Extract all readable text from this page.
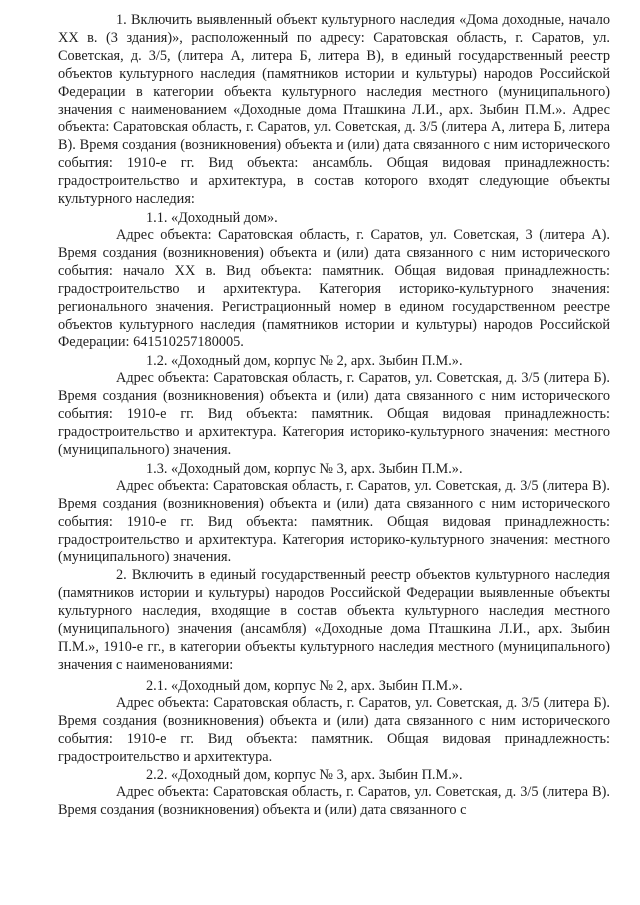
1. Включить выявленный объект культурного наследия «Дома доходные, начало XX в. (3 здания)», расположенный по адресу: Саратовская область, г. Саратов, ул. Советская, д. 3/5, (литера А, литера Б, литера В), в единый государственный реестр объектов культурного наследия (памятников истории и культуры) народов Российской Федерации в категории объекта культурного наследия местного (муниципального) значения с наименованием «Доходные дома Пташкина Л.И., арх. Зыбин П.М.». Адрес объекта: Саратовская область, г. Саратов, ул. Советская, д. 3/5 (литера А, литера Б, литера В). Время создания (возникновения) объекта и (или) дата связанного с ним исторического события: 1910-е гг. Вид объекта: ансамбль. Общая видовая принадлежность: градостроительство и архитектура, в состав которого входят следующие объекты культурного наследия:

1.1. «Доходный дом».

Адрес объекта: Саратовская область, г. Саратов, ул. Советская, 3 (литера А). Время создания (возникновения) объекта и (или) дата связанного с ним исторического события: начало XX в. Вид объекта: памятник. Общая видовая принадлежность: градостроительство и архитектура. Категория историко-культурного значения: регионального значения. Регистрационный номер в едином государственном реестре объектов культурного наследия (памятников истории и культуры) народов Российской Федерации: 641510257180005.

1.2. «Доходный дом, корпус № 2, арх. Зыбин П.М.».

Адрес объекта: Саратовская область, г. Саратов, ул. Советская, д. 3/5 (литера Б). Время создания (возникновения) объекта и (или) дата связанного с ним исторического события: 1910-е гг. Вид объекта: памятник. Общая видовая принадлежность: градостроительство и архитектура. Категория историко-культурного значения: местного (муниципального) значения.

1.3. «Доходный дом, корпус № 3, арх. Зыбин П.М.».

Адрес объекта: Саратовская область, г. Саратов, ул. Советская, д. 3/5 (литера В). Время создания (возникновения) объекта и (или) дата связанного с ним исторического события: 1910-е гг. Вид объекта: памятник. Общая видовая принадлежность: градостроительство и архитектура. Категория историко-культурного значения: местного (муниципального) значения.

2. Включить в единый государственный реестр объектов культурного наследия (памятников истории и культуры) народов Российской Федерации выявленные объекты культурного наследия, входящие в состав объекта культурного наследия местного (муниципального) значения (ансамбля) «Доходные дома Пташкина Л.И., арх. Зыбин П.М.», 1910-е гг., в категории объекты культурного наследия местного (муниципального) значения с наименованиями:

2.1. «Доходный дом, корпус № 2, арх. Зыбин П.М.».

Адрес объекта: Саратовская область, г. Саратов, ул. Советская, д. 3/5 (литера Б). Время создания (возникновения) объекта и (или) дата связанного с ним исторического события: 1910-е гг. Вид объекта: памятник. Общая видовая принадлежность: градостроительство и архитектура.

2.2. «Доходный дом, корпус № 3, арх. Зыбин П.М.».

Адрес объекта: Саратовская область, г. Саратов, ул. Советская, д. 3/5 (литера В). Время создания (возникновения) объекта и (или) дата связанного с
